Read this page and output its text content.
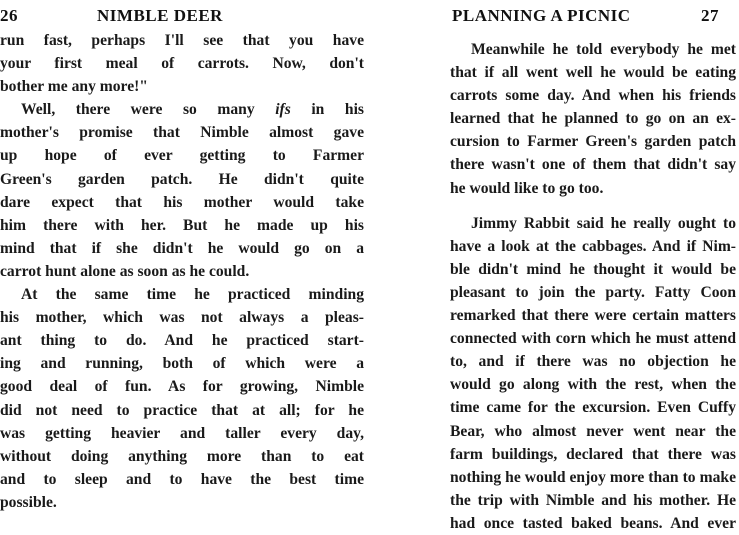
26	NIMBLE DEER
run fast, perhaps I'll see that you have
your first meal of carrots. Now, don't
bother me any more!"
Well, there were so many ifs in his
mother's promise that Nimble almost gave
up hope of ever getting to Farmer
Green's garden patch. He didn't quite
dare expect that his mother would take
him there with her. But he made up his
mind that if she didn't he would go on a
carrot hunt alone as soon as he could.
At the same time he practiced minding
his mother, which was not always a pleas-
ant thing to do. And he practiced start-
ing and running, both of which were a
good deal of fun. As for growing, Nimble
did not need to practice that at all; for he
was getting heavier and taller every day,
without doing anything more than to eat
and to sleep and to have the best time
possible.
PLANNING A PICNIC	27
Meanwhile he told everybody he met
that if all went well he would be eating
carrots some day. And when his friends
learned that he planned to go on an ex-
cursion to Farmer Green's garden patch
there wasn't one of them that didn't say
he would like to go too.
Jimmy Rabbit said he really ought to
have a look at the cabbages. And if Nim-
ble didn't mind he thought it would be
pleasant to join the party. Fatty Coon
remarked that there were certain matters
connected with corn which he must attend
to, and if there was no objection he
would go along with the rest, when the
time came for the excursion. Even Cuffy
Bear, who almost never went near the
farm buildings, declared that there was
nothing he would enjoy more than to make
the trip with Nimble and his mother. He
had once tasted baked beans. And ever
